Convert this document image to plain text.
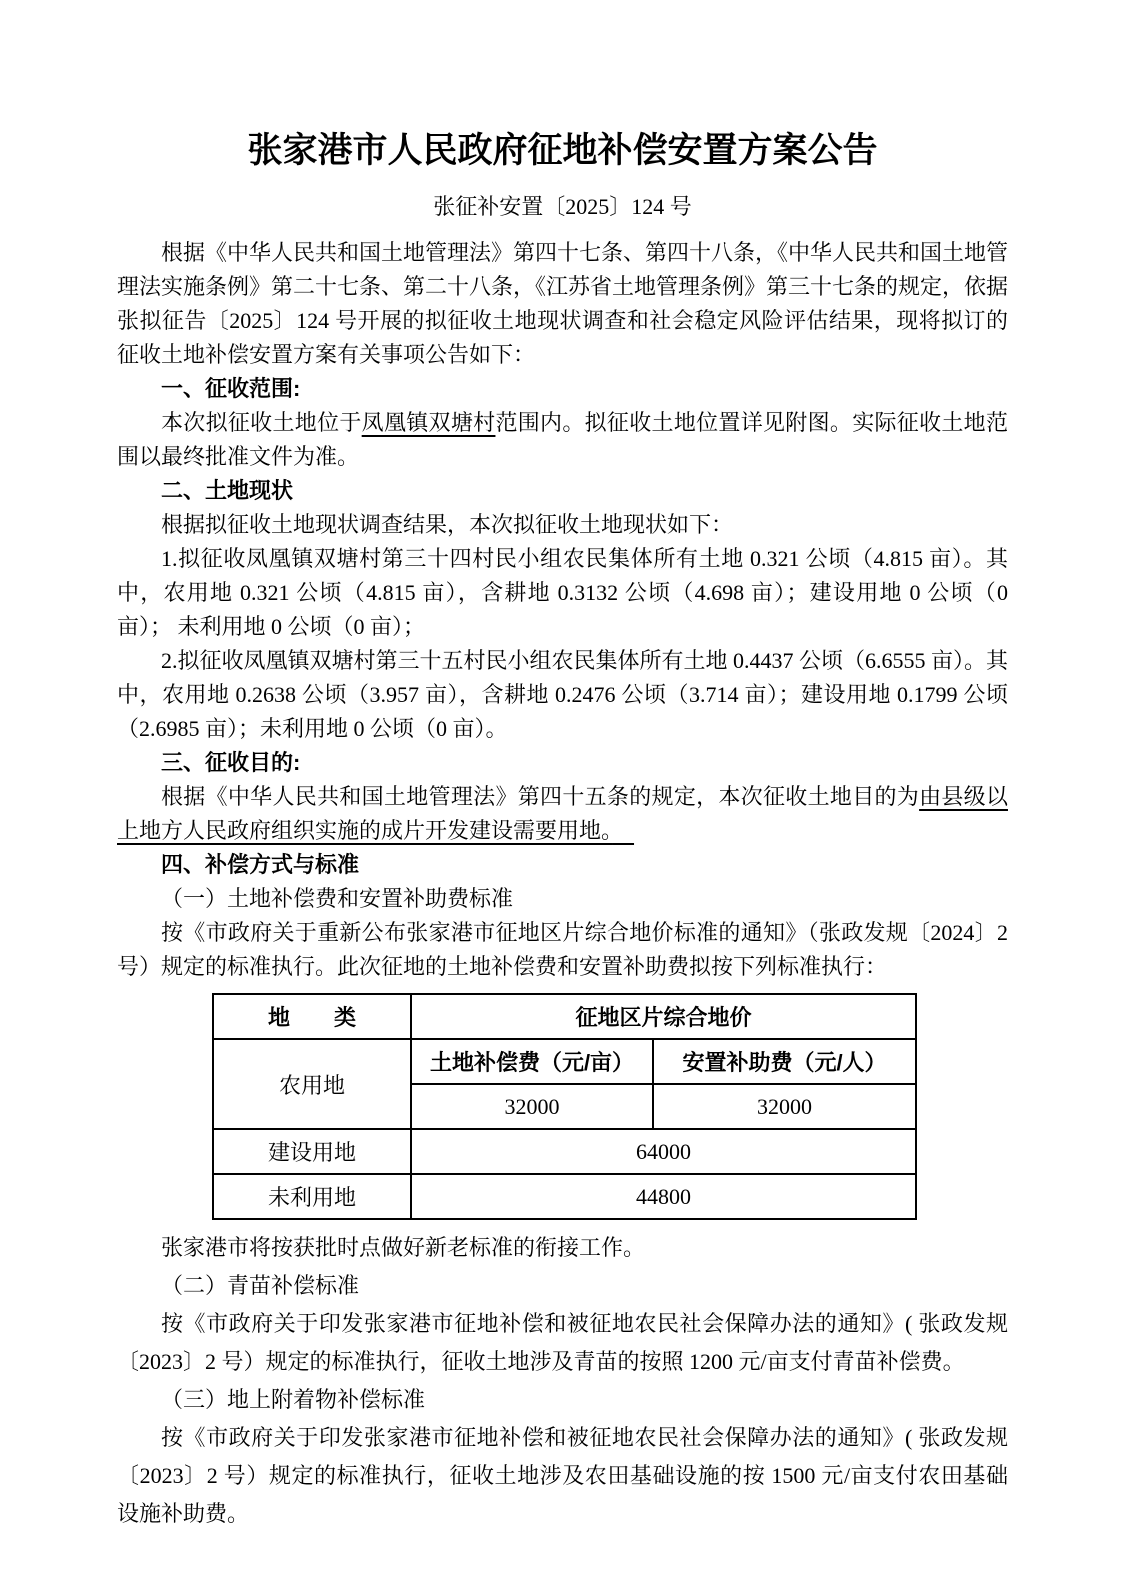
张家港市人民政府征地补偿安置方案公告
张征补安置〔2025〕124 号

根据《中华人民共和国土地管理法》第四十七条、第四十八条，《中华人民共和国土地管理法实施条例》第二十七条、第二十八条，《江苏省土地管理条例》第三十七条的规定，依据张拟征告〔2025〕124 号开展的拟征收土地现状调查和社会稳定风险评估结果，现将拟订的征收土地补偿安置方案有关事项公告如下：

一、征收范围:

本次拟征收土地位于凤凰镇双塘村范围内。拟征收土地位置详见附图。实际征收土地范围以最终批准文件为准。

二、土地现状

根据拟征收土地现状调查结果，本次拟征收土地现状如下：

1.拟征收凤凰镇双塘村第三十四村民小组农民集体所有土地 0.321 公顷（4.815 亩）。其中，农用地 0.321 公顷（4.815 亩），含耕地 0.3132 公顷（4.698 亩）；建设用地 0 公顷（0 亩）； 未利用地 0 公顷（0 亩）；

2.拟征收凤凰镇双塘村第三十五村民小组农民集体所有土地 0.4437 公顷（6.6555 亩）。其中，农用地 0.2638 公顷（3.957 亩），含耕地 0.2476 公顷（3.714 亩）；建设用地 0.1799 公顷（2.6985 亩）；未利用地 0 公顷（0 亩）。

三、征收目的:

根据《中华人民共和国土地管理法》第四十五条的规定，本次征收土地目的为由县级以上地方人民政府组织实施的成片开发建设需要用地。

四、补偿方式与标准

（一）土地补偿费和安置补助费标准

按《市政府关于重新公布张家港市征地区片综合地价标准的通知》（张政发规〔2024〕2 号）规定的标准执行。此次征地的土地补偿费和安置补助费拟按下列标准执行：

地　　类	征地区片综合地价	
农用地	土地补偿费（元/亩）	安置补助费（元/人）
	32000	32000
建设用地	64000	
未利用地	44800	

张家港市将按获批时点做好新老标准的衔接工作。

（二）青苗补偿标准

按《市政府关于印发张家港市征地补偿和被征地农民社会保障办法的通知》( 张政发规〔2023〕2 号）规定的标准执行，征收土地涉及青苗的按照 1200 元/亩支付青苗补偿费。

（三）地上附着物补偿标准

按《市政府关于印发张家港市征地补偿和被征地农民社会保障办法的通知》( 张政发规〔2023〕2 号）规定的标准执行，征收土地涉及农田基础设施的按 1500 元/亩支付农田基础设施补助费。
